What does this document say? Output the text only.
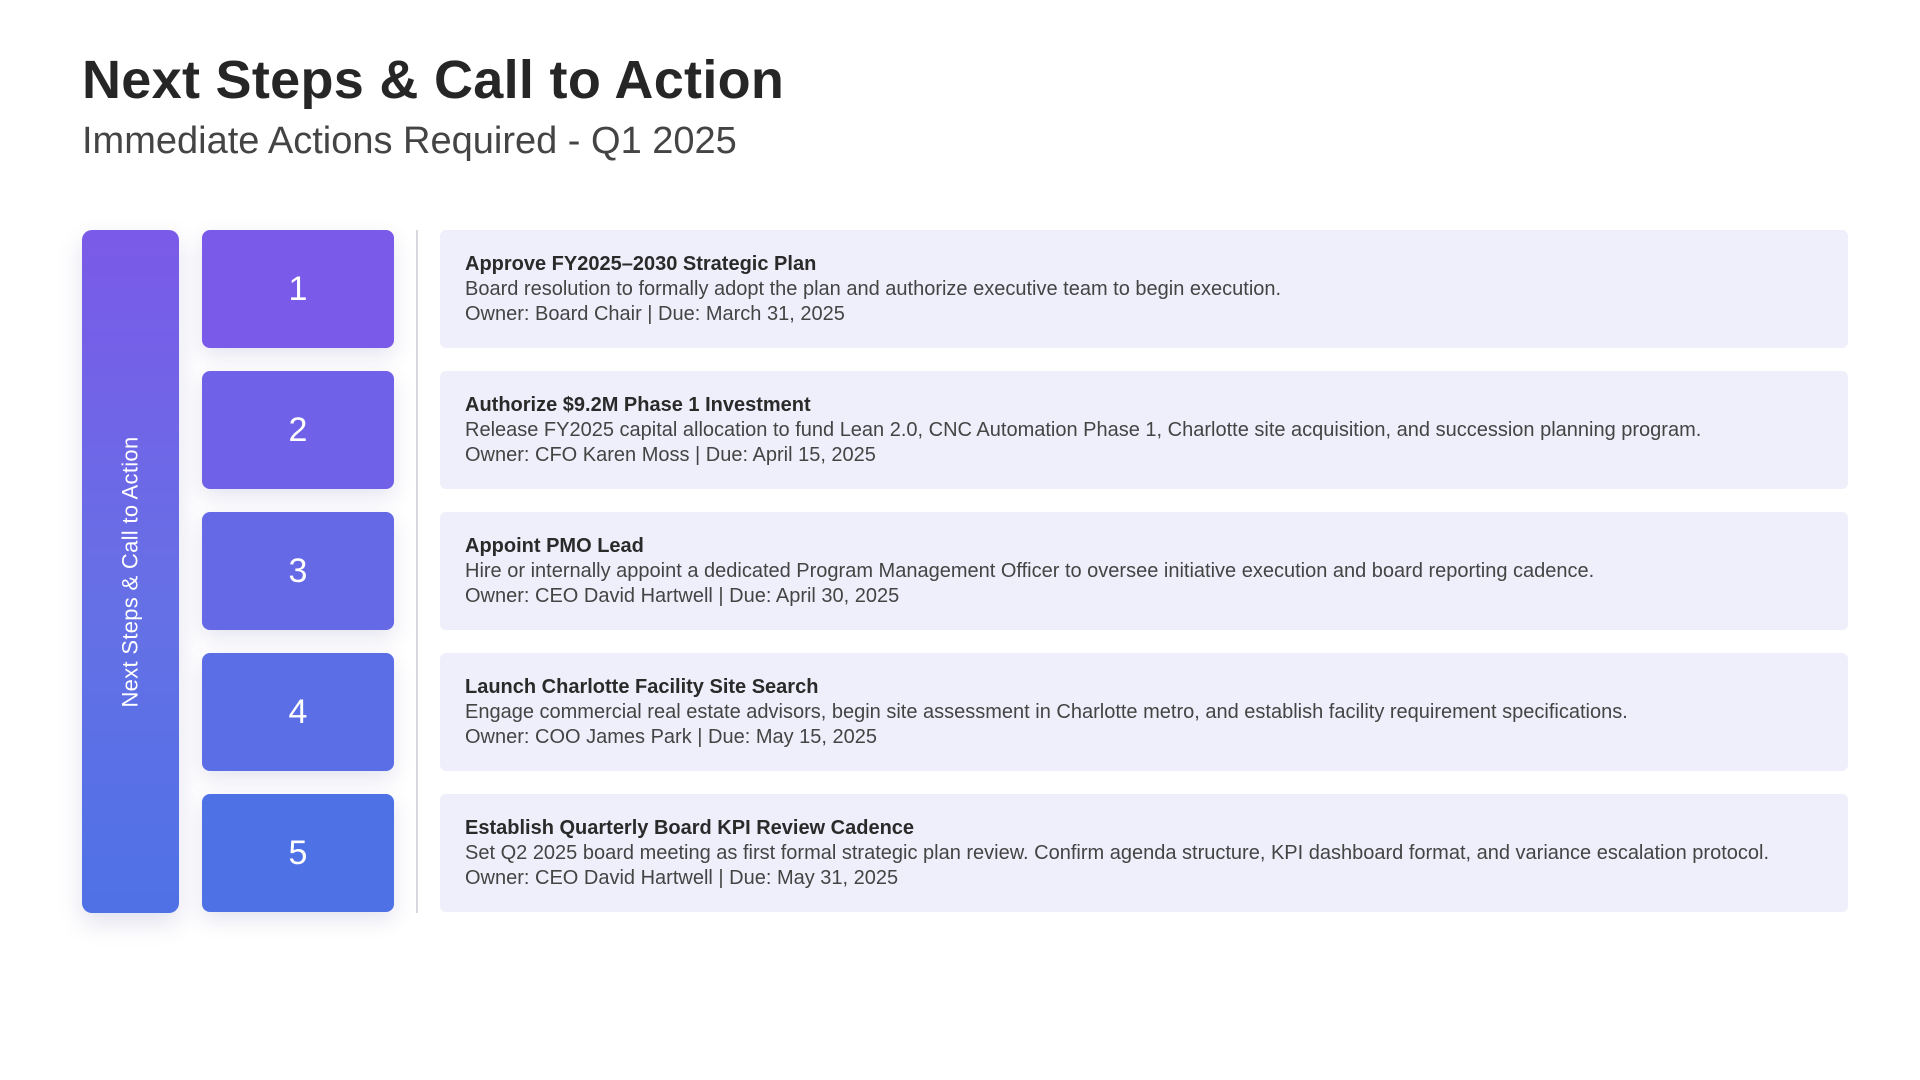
Next Steps & Call to Action
Immediate Actions Required - Q1 2025
Next Steps & Call to Action
1
2
3
4
5
Approve FY2025–2030 Strategic Plan
Board resolution to formally adopt the plan and authorize executive team to begin execution.
Owner: Board Chair | Due: March 31, 2025
Authorize $9.2M Phase 1 Investment
Release FY2025 capital allocation to fund Lean 2.0, CNC Automation Phase 1, Charlotte site acquisition, and succession planning program.
Owner: CFO Karen Moss | Due: April 15, 2025
Appoint PMO Lead
Hire or internally appoint a dedicated Program Management Officer to oversee initiative execution and board reporting cadence.
Owner: CEO David Hartwell | Due: April 30, 2025
Launch Charlotte Facility Site Search
Engage commercial real estate advisors, begin site assessment in Charlotte metro, and establish facility requirement specifications.
Owner: COO James Park | Due: May 15, 2025
Establish Quarterly Board KPI Review Cadence
Set Q2 2025 board meeting as first formal strategic plan review. Confirm agenda structure, KPI dashboard format, and variance escalation protocol. Owner: CEO David Hartwell | Due: May 31, 2025
